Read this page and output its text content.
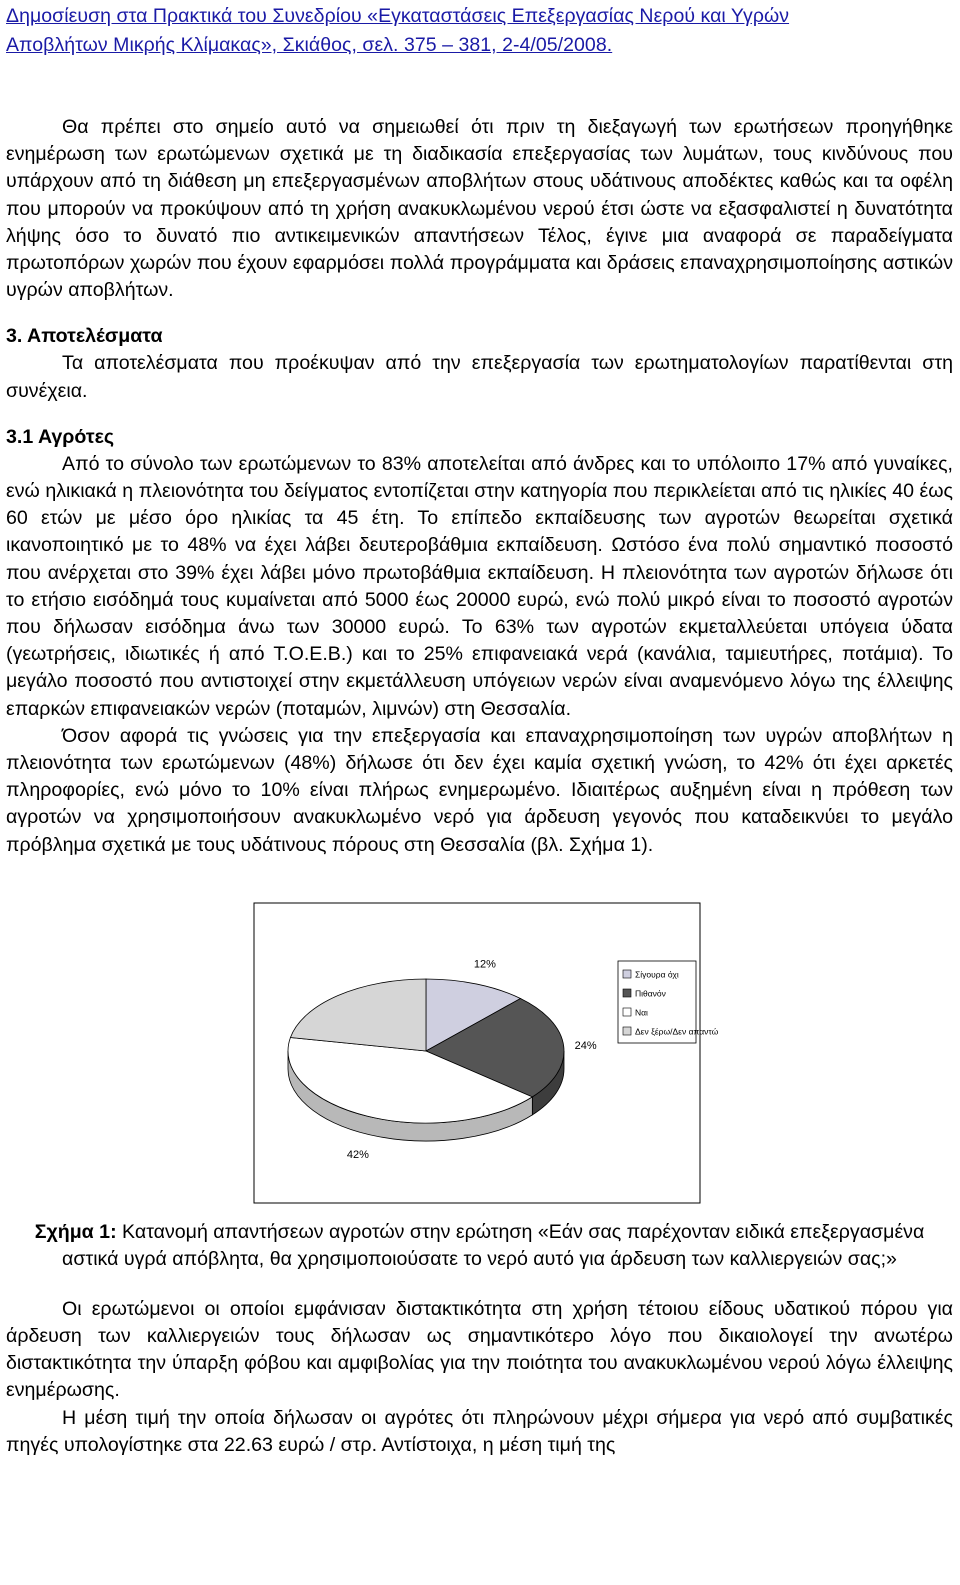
Δημοσίευση στα Πρακτικά του Συνεδρίου «Εγκαταστάσεις Επεξεργασίας Νερού και Υγρών
Αποβλήτων Μικρής Κλίμακας», Σκιάθος, σελ. 375 – 381, 2-4/05/2008.

Θα πρέπει στο σημείο αυτό να σημειωθεί ότι πριν τη διεξαγωγή των ερωτήσεων προηγήθηκε ενημέρωση των ερωτώμενων σχετικά με τη διαδικασία επεξεργασίας των λυμάτων, τους κινδύνους που υπάρχουν από τη διάθεση μη επεξεργασμένων αποβλήτων στους υδάτινους αποδέκτες καθώς και τα οφέλη που μπορούν να προκύψουν από τη χρήση ανακυκλωμένου νερού έτσι ώστε να εξασφαλιστεί η δυνατότητα λήψης όσο το δυνατό πιο αντικειμενικών απαντήσεων Τέλος, έγινε μια αναφορά σε παραδείγματα πρωτοπόρων χωρών που έχουν εφαρμόσει πολλά προγράμματα και δράσεις επαναχρησιμοποίησης αστικών υγρών αποβλήτων.

3. Αποτελέσματα

Τα αποτελέσματα που προέκυψαν από την επεξεργασία των ερωτηματολογίων παρατίθενται στη συνέχεια.

3.1 Αγρότες

Από το σύνολο των ερωτώμενων το 83% αποτελείται από άνδρες και το υπόλοιπο 17% από γυναίκες, ενώ ηλικιακά η πλειονότητα του δείγματος εντοπίζεται στην κατηγορία που περικλείεται από τις ηλικίες 40 έως 60 ετών με μέσο όρο ηλικίας τα 45 έτη. Το επίπεδο εκπαίδευσης των αγροτών θεωρείται σχετικά ικανοποιητικό με το 48% να έχει λάβει δευτεροβάθμια εκπαίδευση. Ωστόσο ένα πολύ σημαντικό ποσοστό που ανέρχεται στο 39% έχει λάβει μόνο πρωτοβάθμια εκπαίδευση. Η πλειονότητα των αγροτών δήλωσε ότι το ετήσιο εισόδημά τους κυμαίνεται από 5000 έως 20000 ευρώ, ενώ πολύ μικρό είναι το ποσοστό αγροτών που δήλωσαν εισόδημα άνω των 30000 ευρώ. Το 63% των αγροτών εκμεταλλεύεται υπόγεια ύδατα (γεωτρήσεις, ιδιωτικές ή από Τ.Ο.Ε.Β.) και το 25% επιφανειακά νερά (κανάλια, ταμιευτήρες, ποτάμια). Το μεγάλο ποσοστό που αντιστοιχεί στην εκμετάλλευση υπόγειων νερών είναι αναμενόμενο λόγω της έλλειψης επαρκών επιφανειακών νερών (ποταμών, λιμνών) στη Θεσσαλία.

Όσον αφορά τις γνώσεις για την επεξεργασία και επαναχρησιμοποίηση των υγρών αποβλήτων η πλειονότητα των ερωτώμενων (48%) δήλωσε ότι δεν έχει καμία σχετική γνώση, το 42% ότι έχει αρκετές πληροφορίες, ενώ μόνο το 10% είναι πλήρως ενημερωμένο. Ιδιαιτέρως αυξημένη είναι η πρόθεση των αγροτών να χρησιμοποιήσουν ανακυκλωμένο νερό για άρδευση γεγονός που καταδεικνύει το μεγάλο πρόβλημα σχετικά με τους υδάτινους πόρους στη Θεσσαλία (βλ. Σχήμα 1).

12%
24%
42%
Σίγουρα όχι
Πιθανόν
Ναι
Δεν ξέρω/Δεν απαντώ
Σχήμα 1: Κατανομή απαντήσεων αγροτών στην ερώτηση «Εάν σας παρέχονταν ειδικά επεξεργασμένα αστικά υγρά απόβλητα, θα χρησιμοποιούσατε το νερό αυτό για άρδευση των καλλιεργειών σας;»

Οι ερωτώμενοι οι οποίοι εμφάνισαν διστακτικότητα στη χρήση τέτοιου είδους υδατικού πόρου για άρδευση των καλλιεργειών τους δήλωσαν ως σημαντικότερο λόγο που δικαιολογεί την ανωτέρω διστακτικότητα την ύπαρξη φόβου και αμφιβολίας για την ποιότητα του ανακυκλωμένου νερού λόγω έλλειψης ενημέρωσης.

Η μέση τιμή την οποία δήλωσαν οι αγρότες ότι πληρώνουν μέχρι σήμερα για νερό από συμβατικές πηγές υπολογίστηκε στα 22.63 ευρώ / στρ. Αντίστοιχα, η μέση τιμή της
